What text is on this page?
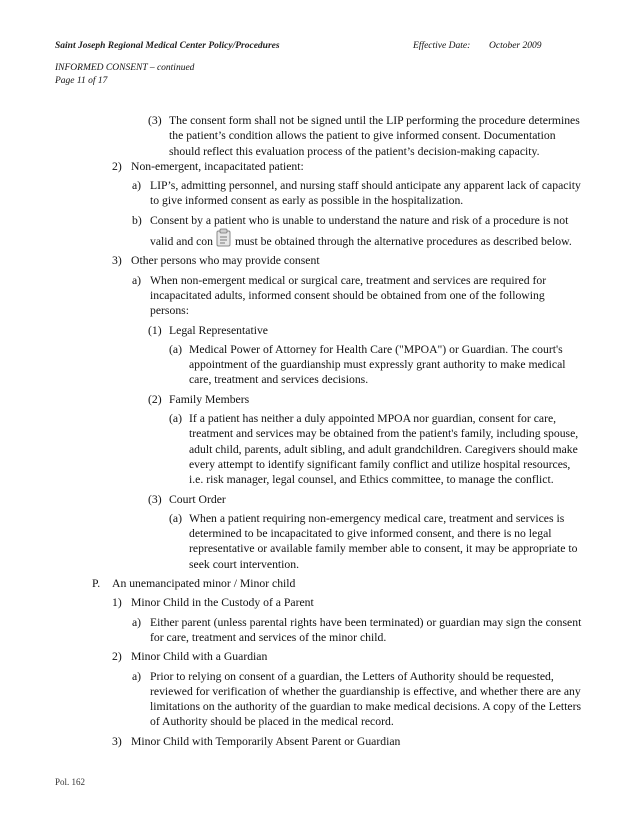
Saint Joseph Regional Medical Center Policy/Procedures	Effective Date: October 2009
INFORMED CONSENT – continued
Page 11 of 17
(3) The consent form shall not be signed until the LIP performing the procedure determines the patient’s condition allows the patient to give informed consent. Documentation should reflect this evaluation process of the patient’s decision-making capacity.
2) Non-emergent, incapacitated patient:
a) LIP’s, admitting personnel, and nursing staff should anticipate any apparent lack of capacity to give informed consent as early as possible in the hospitalization.
b) Consent by a patient who is unable to understand the nature and risk of a procedure is not valid and con must be obtained through the alternative procedures as described below.
3) Other persons who may provide consent
a) When non-emergent medical or surgical care, treatment and services are required for incapacitated adults, informed consent should be obtained from one of the following persons:
(1) Legal Representative
(a) Medical Power of Attorney for Health Care ("MPOA") or Guardian. The court's appointment of the guardianship must expressly grant authority to make medical care, treatment and services decisions.
(2) Family Members
(a) If a patient has neither a duly appointed MPOA nor guardian, consent for care, treatment and services may be obtained from the patient's family, including spouse, adult child, parents, adult sibling, and adult grandchildren. Caregivers should make every attempt to identify significant family conflict and utilize hospital resources, i.e. risk manager, legal counsel, and Ethics committee, to manage the conflict.
(3) Court Order
(a) When a patient requiring non-emergency medical care, treatment and services is determined to be incapacitated to give informed consent, and there is no legal representative or available family member able to consent, it may be appropriate to seek court intervention.
P. An unemancipated minor / Minor child
1) Minor Child in the Custody of a Parent
a) Either parent (unless parental rights have been terminated) or guardian may sign the consent for care, treatment and services of the minor child.
2) Minor Child with a Guardian
a) Prior to relying on consent of a guardian, the Letters of Authority should be requested, reviewed for verification of whether the guardianship is effective, and whether there are any limitations on the authority of the guardian to make medical decisions. A copy of the Letters of Authority should be placed in the medical record.
3) Minor Child with Temporarily Absent Parent or Guardian
Pol. 162
